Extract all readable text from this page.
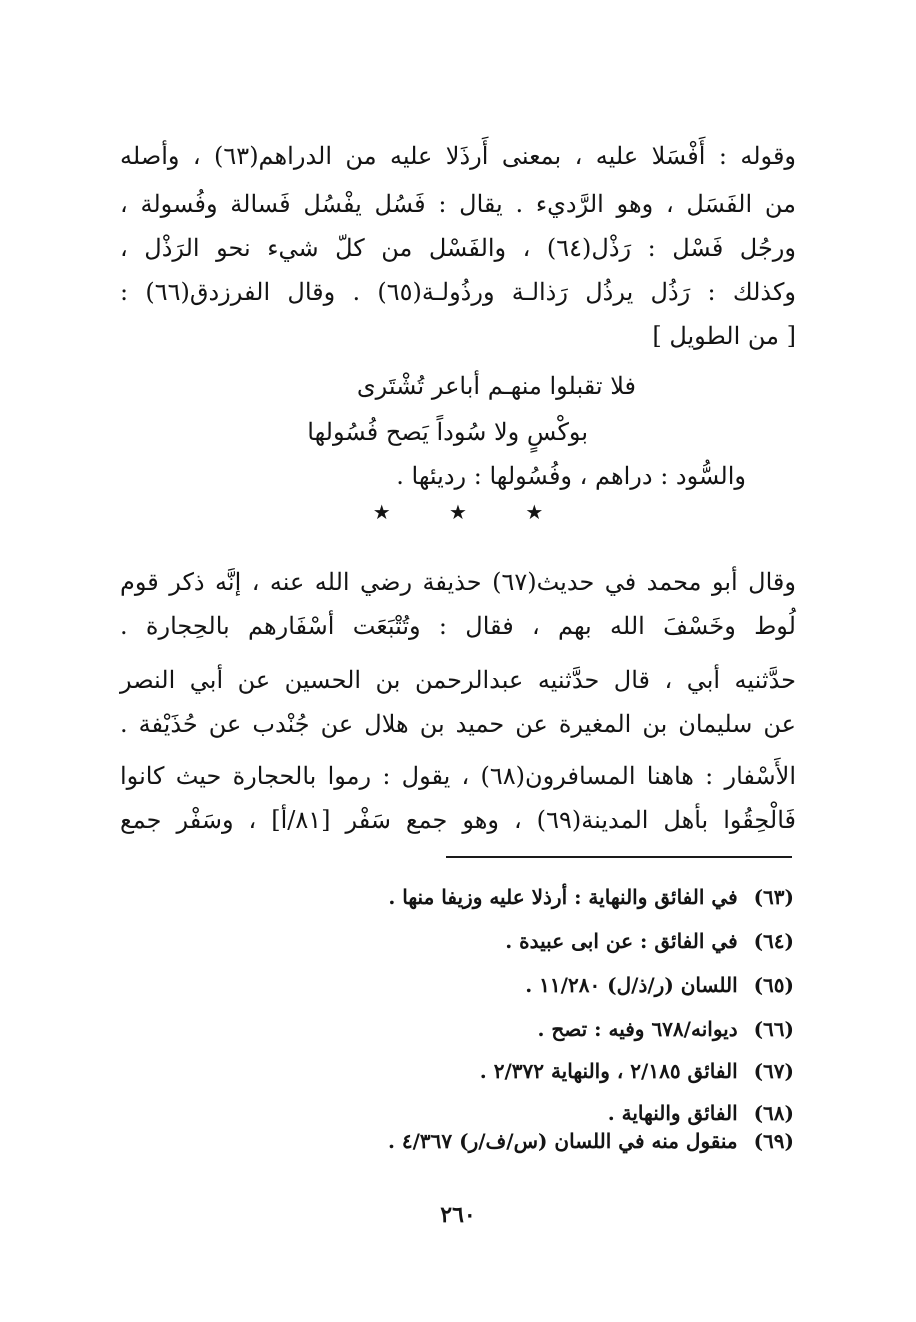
وقوله : أَفْسَلا عليه ، بمعنى أَرذَلا عليه من الدراهم(٦٣) ، وأصله
من الفَسَل ، وهو الرَّديء . يقال : فَسُل يفْسُل فَسالة وفُسولة ،
ورجُل فَسْل : رَذْل(٦٤) ، والفَسْل من كلّ شيء نحو الرَذْل ،
وكذلك : رَذُل يرذُل رَذالـة ورذُولـة(٦٥) . وقال الفرزدق(٦٦) :
[ من الطويل ]
فلا تقبلوا منهـم أباعر تُشْتَرى
بوكْسٍ ولا سُوداً يَصح فُسُولها
والسُّود : دراهم ، وفُسُولها : رديئها .
★	★	★
وقال أبو محمد في حديث(٦٧) حذيفة رضي الله عنه ، إنَّه ذكر قوم
لُوط وخَسْفَ الله بهم ، فقال : وتُتْبَعَت أسْفَارهم بالحِجارة .
حدَّثنيه أبي ، قال حدَّثنيه عبدالرحمن بن الحسين عن أبي النصر
عن سليمان بن المغيرة عن حميد بن هلال عن جُنْدب عن حُذَيْفة .
الأَسْفار : هاهنا المسافرون(٦٨) ، يقول : رموا بالحجارة حيث كانوا
فَالْحِقُوا بأهل المدينة(٦٩) ، وهو جمع سَفْر [٨١/أ] ، وسَفْر جمع
(٦٣) في الفائق والنهاية : أرذلا عليه وزيفا منها .
(٦٤) في الفائق : عن ابى عبيدة .
(٦٥) اللسان (ر/ذ/ل) ١١/٢٨٠ .
(٦٦) ديوانه/٦٧٨ وفيه : تصح .
(٦٧) الفائق ٢/١٨٥ ، والنهاية ٢/٣٧٢ .
(٦٨) الفائق والنهاية .
(٦٩) منقول منه في اللسان (س/ف/ر) ٤/٣٦٧ .
٢٦٠
